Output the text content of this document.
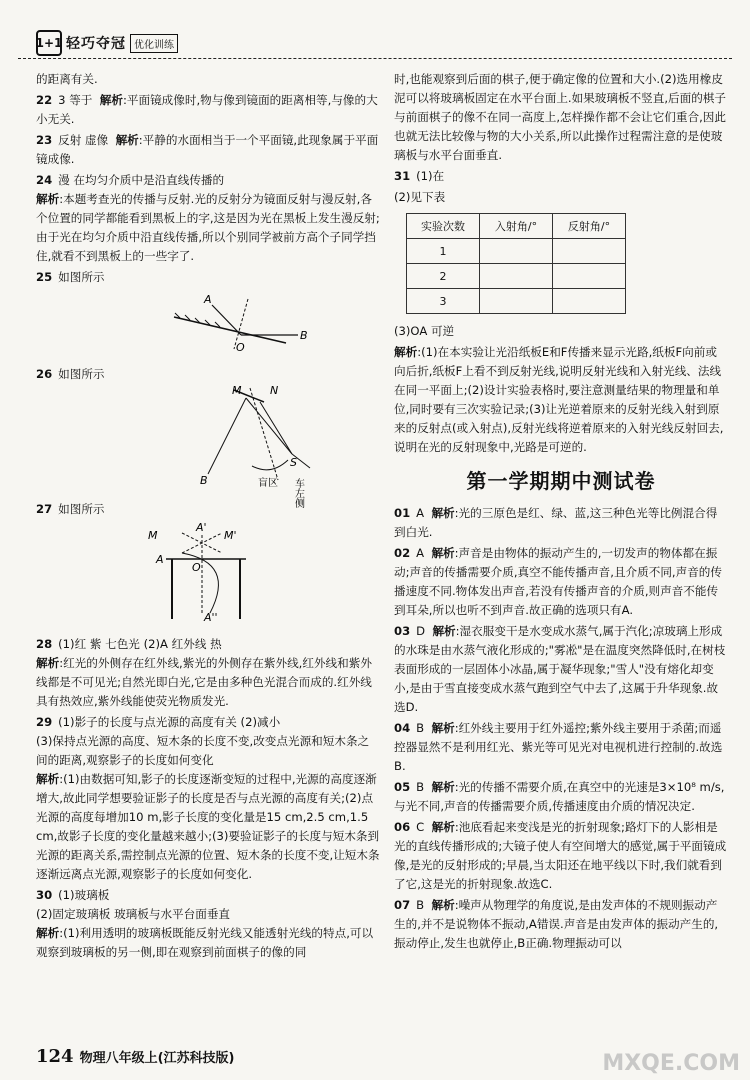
1+1 轻巧夺冠 优化训练

的距离有关.

22 3 等于 解析:平面镜成像时,物与像到镜面的距离相等,与像的大小无关.

23 反射 虚像 解析:平静的水面相当于一个平面镜,此现象属于平面镜成像.

24 漫 在均匀介质中是沿直线传播的
解析:本题考查光的传播与反射.光的反射分为镜面反射与漫反射,各个位置的同学都能看到黑板上的字,这是因为光在黑板上发生漫反射;由于光在均匀介质中沿直线传播,所以个别同学被前方高个子同学挡住,就看不到黑板上的一些字了.

25 如图所示

A
O
B

26 如图所示

M	N
B
S
盲区 车左侧

27 如图所示

A'
M	M'
A
O
A''

28 (1)红 紫 七色光 (2)A 红外线 热
解析:红光的外侧存在红外线,紫光的外侧存在紫外线,红外线和紫外线都是不可见光;自然光即白光,它是由多种色光混合而成的.红外线具有热效应,紫外线能使荧光物质发光.

29 (1)影子的长度与点光源的高度有关 (2)减小
(3)保持点光源的高度、短木条的长度不变,改变点光源和短木条之间的距离,观察影子的长度如何变化
解析:(1)由数据可知,影子的长度逐渐变短的过程中,光源的高度逐渐增大,故此同学想要验证影子的长度是否与点光源的高度有关;(2)点光源的高度每增加10 m,影子长度的变化量是15 cm,2.5 cm,1.5 cm,故影子长度的变化量越来越小;(3)要验证影子的长度与短木条到光源的距离关系,需控制点光源的位置、短木条的长度不变,让短木条逐渐远离点光源,观察影子的长度如何变化.

30 (1)玻璃板
(2)固定玻璃板 玻璃板与水平台面垂直
解析:(1)利用透明的玻璃板既能反射光线又能透射光线的特点,可以观察到玻璃板的另一侧,即在观察到前面棋子的像的同

时,也能观察到后面的棋子,便于确定像的位置和大小.(2)选用橡皮泥可以将玻璃板固定在水平台面上.如果玻璃板不竖直,后面的棋子与前面棋子的像不在同一高度上,怎样操作都不会让它们重合,因此也就无法比较像与物的大小关系,所以此操作过程需注意的是使玻璃板与水平台面垂直.

31 (1)在

(2)见下表

实验次数	入射角/°	反射角/°
1		
2		
3		

(3)OA 可逆

解析:(1)在本实验让光沿纸板E和F传播来显示光路,纸板F向前或向后折,纸板F上看不到反射光线,说明反射光线和入射光线、法线在同一平面上;(2)设计实验表格时,要注意测量结果的物理量和单位,同时要有三次实验记录;(3)让光逆着原来的反射光线入射到原来的反射点(或入射点),反射光线将逆着原来的入射光线反射回去,说明在光的反射现象中,光路是可逆的.

第一学期期中测试卷

01 A 解析:光的三原色是红、绿、蓝,这三种色光等比例混合得到白光.

02 A 解析:声音是由物体的振动产生的,一切发声的物体都在振动;声音的传播需要介质,真空不能传播声音,且介质不同,声音的传播速度不同.物体发出声音,若没有传播声音的介质,则声音不能传到耳朵,所以也听不到声音.故正确的选项只有A.

03 D 解析:湿衣服变干是水变成水蒸气,属于汽化;凉玻璃上形成的水珠是由水蒸气液化形成的;"雾凇"是在温度突然降低时,在树枝表面形成的一层固体小冰晶,属于凝华现象;"雪人"没有熔化却变小,是由于雪直接变成水蒸气跑到空气中去了,这属于升华现象.故选D.

04 B 解析:红外线主要用于红外遥控;紫外线主要用于杀菌;而遥控器显然不是利用红光、紫光等可见光对电视机进行控制的.故选B.

05 B 解析:光的传播不需要介质,在真空中的光速是3×10⁸ m/s,与光不同,声音的传播需要介质,传播速度由介质的情况决定.

06 C 解析:池底看起来变浅是光的折射现象;路灯下的人影相是光的直线传播形成的;大镜子使人有空间增大的感觉,属于平面镜成像,是光的反射形成的;早晨,当太阳还在地平线以下时,我们就看到了它,这是光的折射现象.故选C.

07 B 解析:噪声从物理学的角度说,是由发声体的不规则振动产生的,并不是说物体不振动,A错误.声音是由发声体的振动产生的,振动停止,发生也就停止,B正确.物理振动可以

124 物理八年级上(江苏科技版)	MXQE.COM
